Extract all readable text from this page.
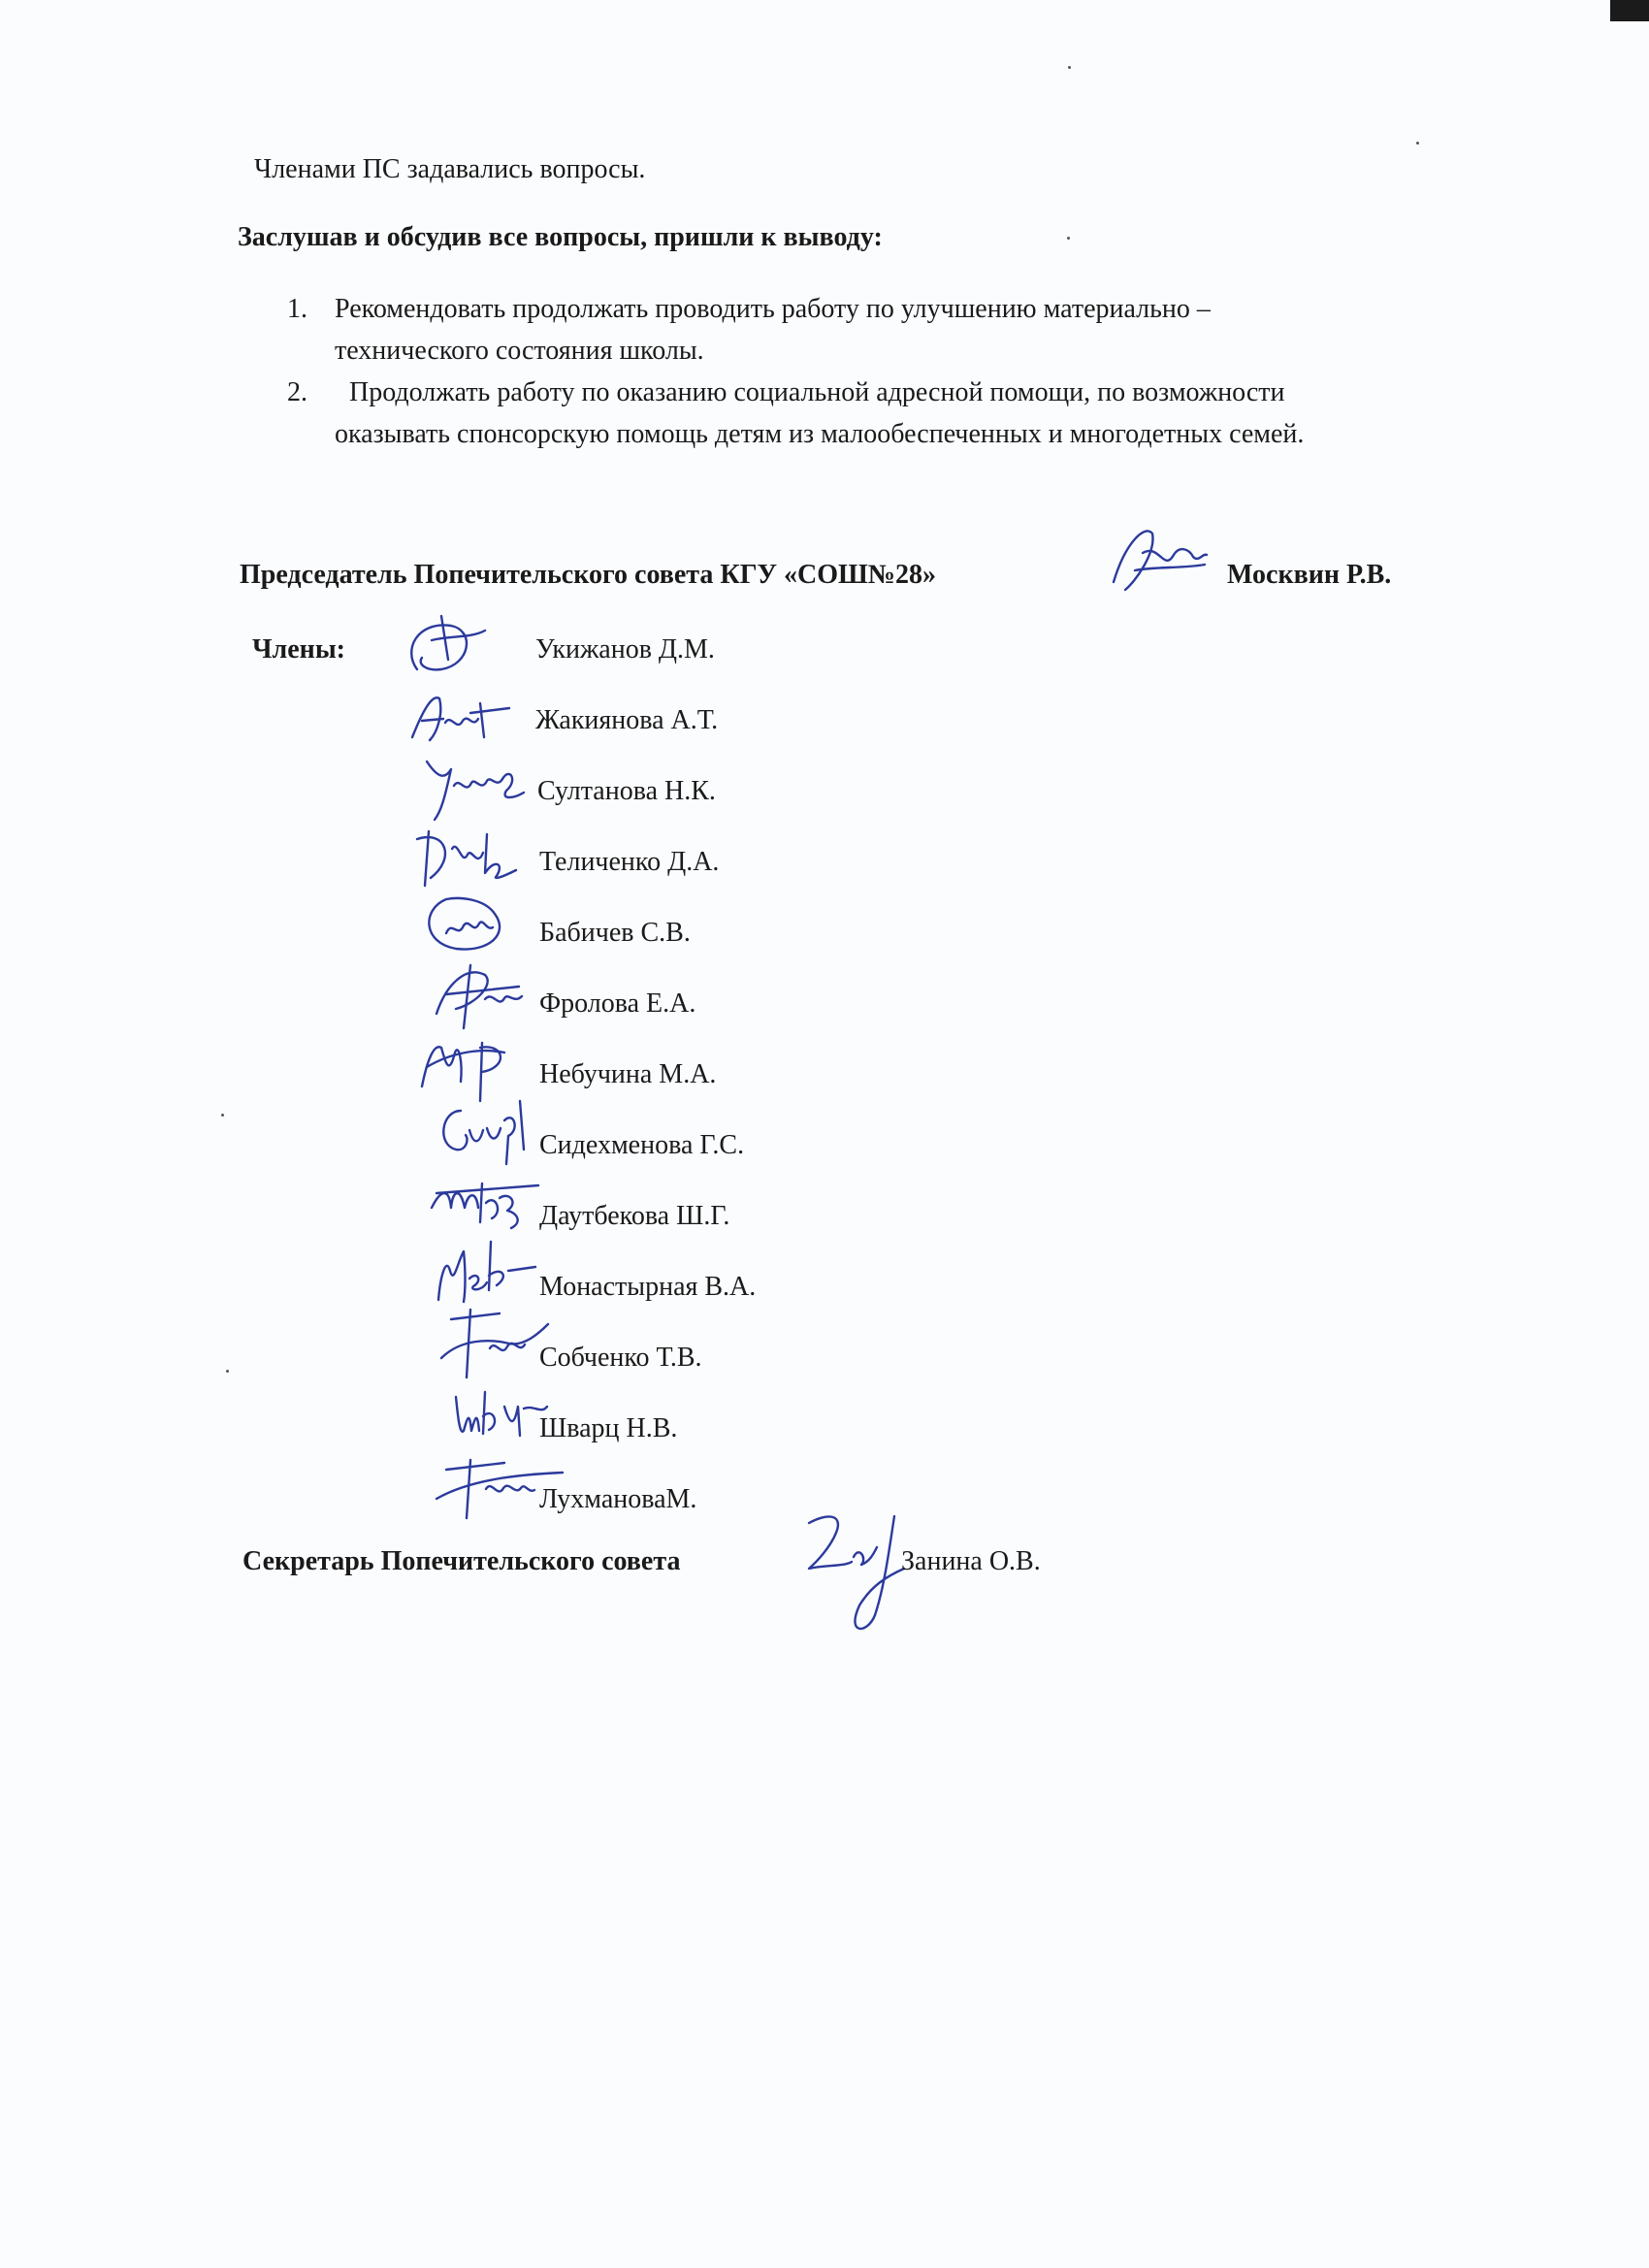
Членами ПС задавались вопросы.
Заслушав и обсудив все вопросы, пришли к выводу:
1. Рекомендовать продолжать проводить работу по улучшению материально –
технического состояния школы.
2. Продолжать работу по оказанию социальной адресной помощи, по возможности
оказывать спонсорскую помощь детям из малообеспеченных и многодетных семей.
Председатель Попечительского совета КГУ «СОШ№28»	Москвин Р.В.
Члены:	Укижанов Д.М.
Жакиянова А.Т.
Султанова Н.К.
Теличенко Д.А.
Бабичев С.В.
Фролова Е.А.
Небучина М.А.
Сидехменова Г.С.
Даутбекова Ш.Г.
Монастырная В.А.
Собченко Т.В.
Шварц Н.В.
ЛухмановаМ.
Секретарь Попечительского совета	Занина О.В.
